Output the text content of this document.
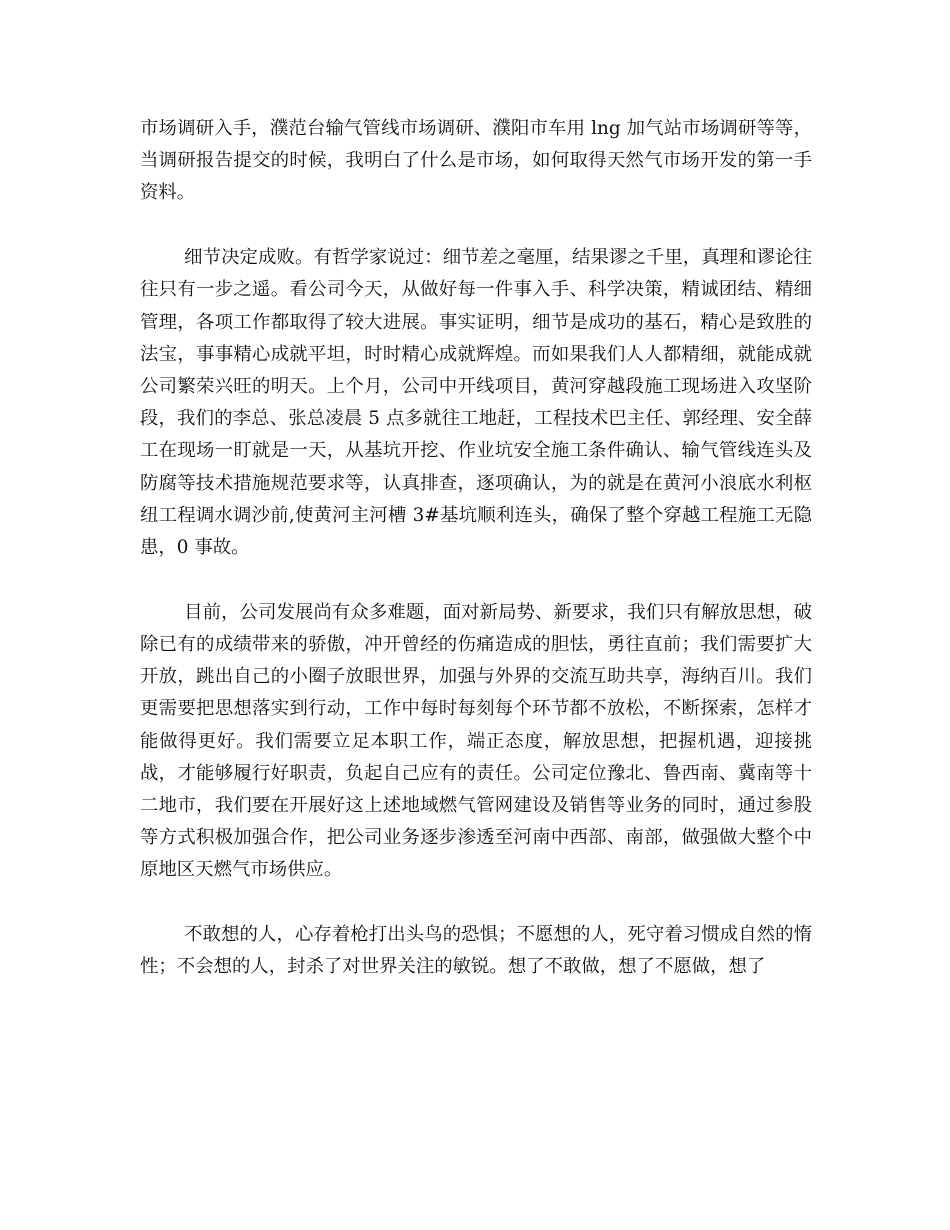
市场调研入手，濮范台输气管线市场调研、濮阳市车用 lng 加气站市场调研等等，当调研报告提交的时候，我明白了什么是市场，如何取得天然气市场开发的第一手资料。

细节决定成败。有哲学家说过：细节差之毫厘，结果谬之千里，真理和谬论往往只有一步之遥。看公司今天，从做好每一件事入手、科学决策，精诚团结、精细管理，各项工作都取得了较大进展。事实证明，细节是成功的基石，精心是致胜的法宝，事事精心成就平坦，时时精心成就辉煌。而如果我们人人都精细，就能成就公司繁荣兴旺的明天。上个月，公司中开线项目，黄河穿越段施工现场进入攻坚阶段，我们的李总、张总凌晨 5 点多就往工地赶，工程技术巴主任、郭经理、安全薛工在现场一盯就是一天，从基坑开挖、作业坑安全施工条件确认、输气管线连头及防腐等技术措施规范要求等，认真排查，逐项确认，为的就是在黄河小浪底水利枢纽工程调水调沙前,使黄河主河槽 3#基坑顺利连头，确保了整个穿越工程施工无隐患，0 事故。

目前，公司发展尚有众多难题，面对新局势、新要求，我们只有解放思想，破除已有的成绩带来的骄傲，冲开曾经的伤痛造成的胆怯，勇往直前；我们需要扩大开放，跳出自己的小圈子放眼世界，加强与外界的交流互助共享，海纳百川。我们更需要把思想落实到行动，工作中每时每刻每个环节都不放松，不断探索，怎样才能做得更好。我们需要立足本职工作，端正态度，解放思想，把握机遇，迎接挑战，才能够履行好职责，负起自己应有的责任。公司定位豫北、鲁西南、冀南等十二地市，我们要在开展好这上述地域燃气管网建设及销售等业务的同时，通过参股等方式积极加强合作，把公司业务逐步渗透至河南中西部、南部，做强做大整个中原地区天燃气市场供应。

不敢想的人，心存着枪打出头鸟的恐惧；不愿想的人，死守着习惯成自然的惰性；不会想的人，封杀了对世界关注的敏锐。想了不敢做，想了不愿做，想了
